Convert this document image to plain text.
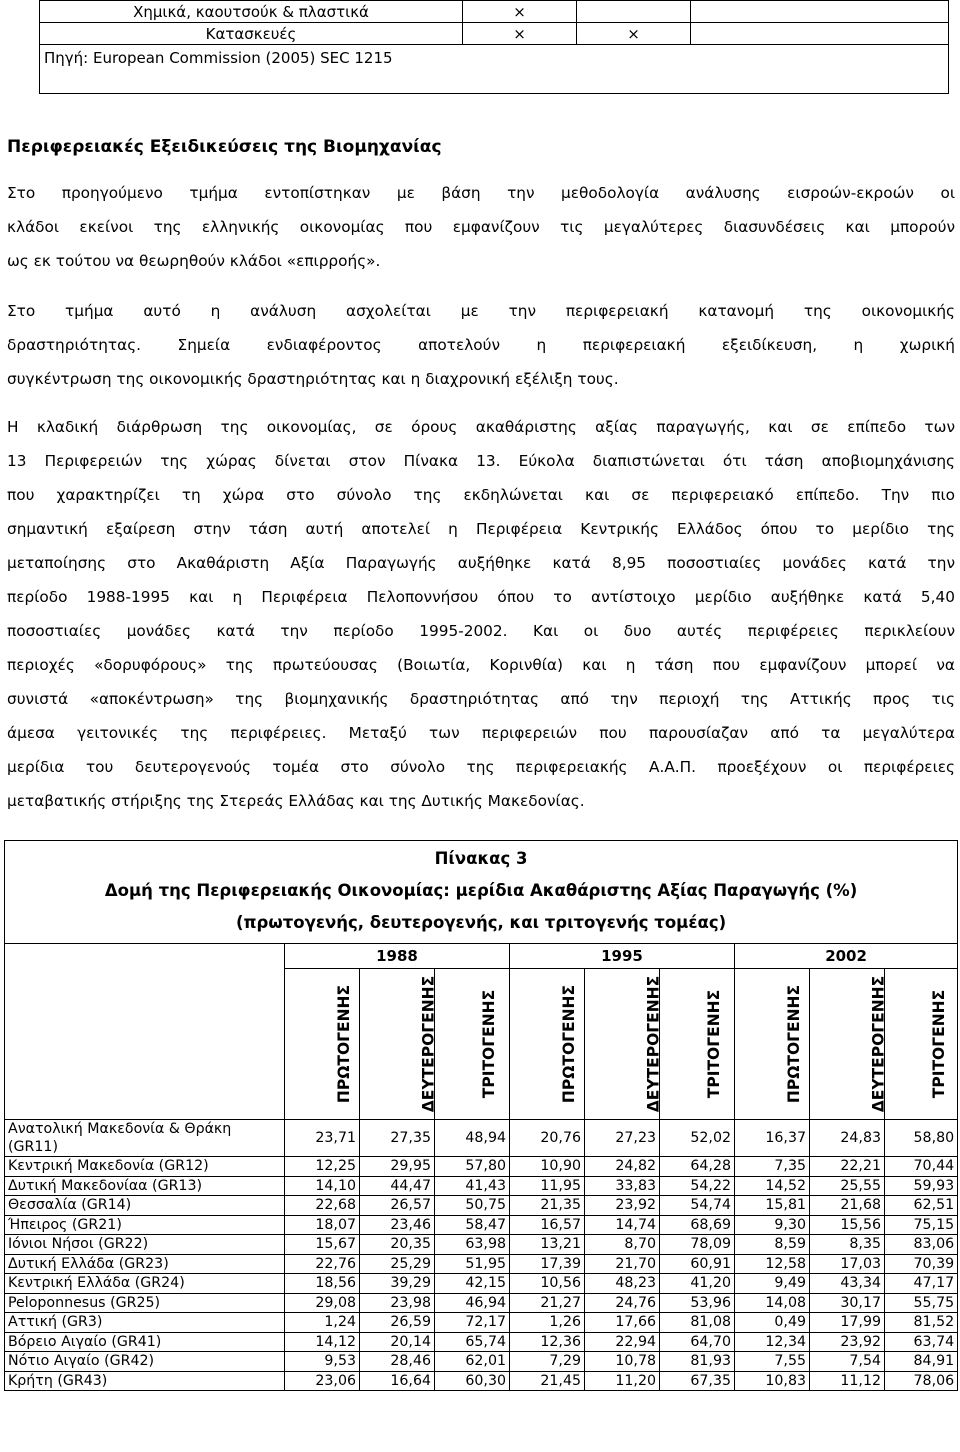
Χημικά, καουτσούκ & πλαστικά	×		
Κατασκευές	×	×	
Πηγή: European Commission (2005) SEC 1215			
Περιφερειακές Εξειδικεύσεις της Βιομηχανίας
Στο προηγούμενο τμήμα εντοπίστηκαν με βάση την μεθοδολογία ανάλυσης εισροών-εκροών οι
κλάδοι εκείνοι της ελληνικής οικονομίας που εμφανίζουν τις μεγαλύτερες διασυνδέσεις και μπορούν
ως εκ τούτου να θεωρηθούν κλάδοι «επιρροής».
Στο τμήμα αυτό η ανάλυση ασχολείται με την περιφερειακή κατανομή της οικονομικής
δραστηριότητας. Σημεία ενδιαφέροντος αποτελούν η περιφερειακή εξειδίκευση, η χωρική
συγκέντρωση της οικονομικής δραστηριότητας και η διαχρονική εξέλιξη τους.
Η κλαδική διάρθρωση της οικονομίας, σε όρους ακαθάριστης αξίας παραγωγής, και σε επίπεδο των
13 Περιφερειών της χώρας δίνεται στον Πίνακα 13. Εύκολα διαπιστώνεται ότι τάση αποβιομηχάνισης
που χαρακτηρίζει τη χώρα στο σύνολο της εκδηλώνεται και σε περιφερειακό επίπεδο. Την πιο
σημαντική εξαίρεση στην τάση αυτή αποτελεί η Περιφέρεια Κεντρικής Ελλάδος όπου το μερίδιο της
μεταποίησης στο Ακαθάριστη Αξία Παραγωγής αυξήθηκε κατά 8,95 ποσοστιαίες μονάδες κατά την
περίοδο 1988-1995 και η Περιφέρεια Πελοποννήσου όπου το αντίστοιχο μερίδιο αυξήθηκε κατά 5,40
ποσοστιαίες μονάδες κατά την περίοδο 1995-2002. Και οι δυο αυτές περιφέρειες περικλείουν
περιοχές «δορυφόρους» της πρωτεύουσας (Βοιωτία, Κορινθία) και η τάση που εμφανίζουν μπορεί να
συνιστά «αποκέντρωση» της βιομηχανικής δραστηριότητας από την περιοχή της Αττικής προς τις
άμεσα γειτονικές της περιφέρειες. Μεταξύ των περιφερειών που παρουσίαζαν από τα μεγαλύτερα
μερίδια του δευτερογενούς τομέα στο σύνολο της περιφερειακής Α.Α.Π. προεξέχουν οι περιφέρειες
μεταβατικής στήριξης της Στερεάς Ελλάδας και της Δυτικής Μακεδονίας.
Πίνακας 3
Δομή της Περιφερειακής Οικονομίας: μερίδια Ακαθάριστης Αξίας Παραγωγής (%)
(πρωτογενής, δευτερογενής, και τριτογενής τομέας)									

	1988			1995			2002		
	ΠΡΩΤΟΓΕΝΗΣ	ΔΕΥΤΕΡΟΓΕΝΗΣ	ΤΡΙΤΟΓΕΝΗΣ	ΠΡΩΤΟΓΕΝΗΣ	ΔΕΥΤΕΡΟΓΕΝΗΣ	ΤΡΙΤΟΓΕΝΗΣ	ΠΡΩΤΟΓΕΝΗΣ	ΔΕΥΤΕΡΟΓΕΝΗΣ	ΤΡΙΤΟΓΕΝΗΣ
Ανατολική Μακεδονία & Θράκη (GR11)	23,71	27,35	48,94	20,76	27,23	52,02	16,37	24,83	58,80
Κεντρική Μακεδονία (GR12)	12,25	29,95	57,80	10,90	24,82	64,28	7,35	22,21	70,44
Δυτική Μακεδονίαα (GR13)	14,10	44,47	41,43	11,95	33,83	54,22	14,52	25,55	59,93
Θεσσαλία (GR14)	22,68	26,57	50,75	21,35	23,92	54,74	15,81	21,68	62,51
Ήπειρος (GR21)	18,07	23,46	58,47	16,57	14,74	68,69	9,30	15,56	75,15
Ιόνιοι Νήσοι (GR22)	15,67	20,35	63,98	13,21	8,70	78,09	8,59	8,35	83,06
Δυτική Ελλάδα (GR23)	22,76	25,29	51,95	17,39	21,70	60,91	12,58	17,03	70,39
Κεντρική Ελλάδα (GR24)	18,56	39,29	42,15	10,56	48,23	41,20	9,49	43,34	47,17
Peloponnesus (GR25)	29,08	23,98	46,94	21,27	24,76	53,96	14,08	30,17	55,75
Αττική (GR3)	1,24	26,59	72,17	1,26	17,66	81,08	0,49	17,99	81,52
Βόρειο Αιγαίο (GR41)	14,12	20,14	65,74	12,36	22,94	64,70	12,34	23,92	63,74
Νότιο Αιγαίο (GR42)	9,53	28,46	62,01	7,29	10,78	81,93	7,55	7,54	84,91
Κρήτη (GR43)	23,06	16,64	60,30	21,45	11,20	67,35	10,83	11,12	78,06
